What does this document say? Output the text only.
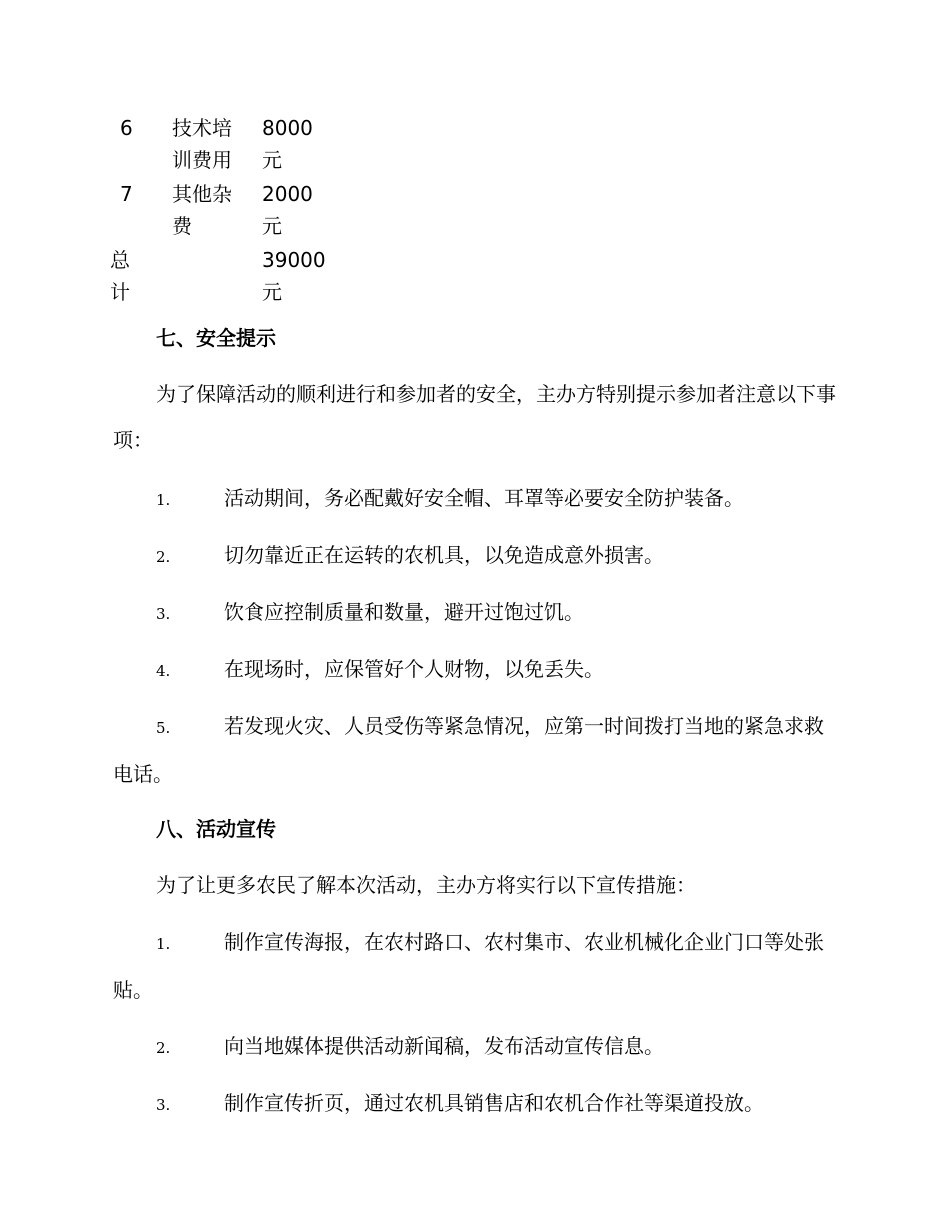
6	技术培训费用	8000元

7	其他杂费	2000元

总计		39000元
七、安全提示
为了保障活动的顺利进行和参加者的安全，主办方特别提示参加者注意以下事项：
1.	活动期间，务必配戴好安全帽、耳罩等必要安全防护装备。
2.	切勿靠近正在运转的农机具，以免造成意外损害。
3.	饮食应控制质量和数量，避开过饱过饥。
4.	在现场时，应保管好个人财物，以免丢失。
5.	若发现火灾、人员受伤等紧急情况，应第一时间拨打当地的紧急求救电话。
八、活动宣传
为了让更多农民了解本次活动，主办方将实行以下宣传措施：
1.	制作宣传海报，在农村路口、农村集市、农业机械化企业门口等处张贴。
2.	向当地媒体提供活动新闻稿，发布活动宣传信息。
3.	制作宣传折页，通过农机具销售店和农机合作社等渠道投放。
